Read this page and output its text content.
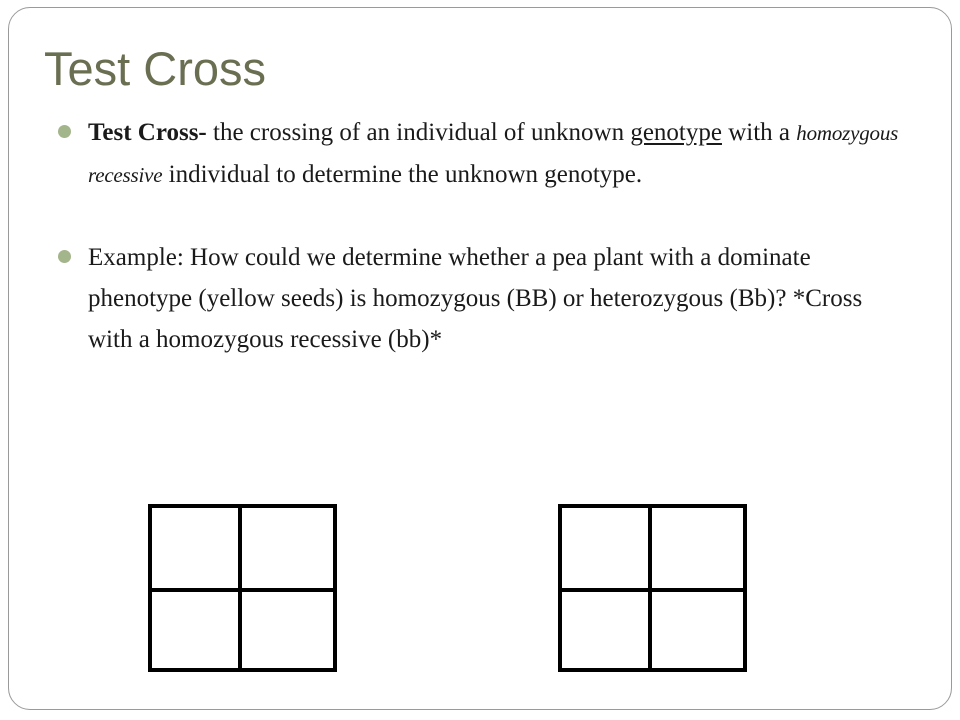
Test Cross
Test Cross- the crossing of an individual of unknown genotype with a homozygous recessive individual to determine the unknown genotype.
Example: How could we determine whether a pea plant with a dominate phenotype (yellow seeds) is homozygous (BB) or heterozygous (Bb)? *Cross with a homozygous recessive (bb)*
